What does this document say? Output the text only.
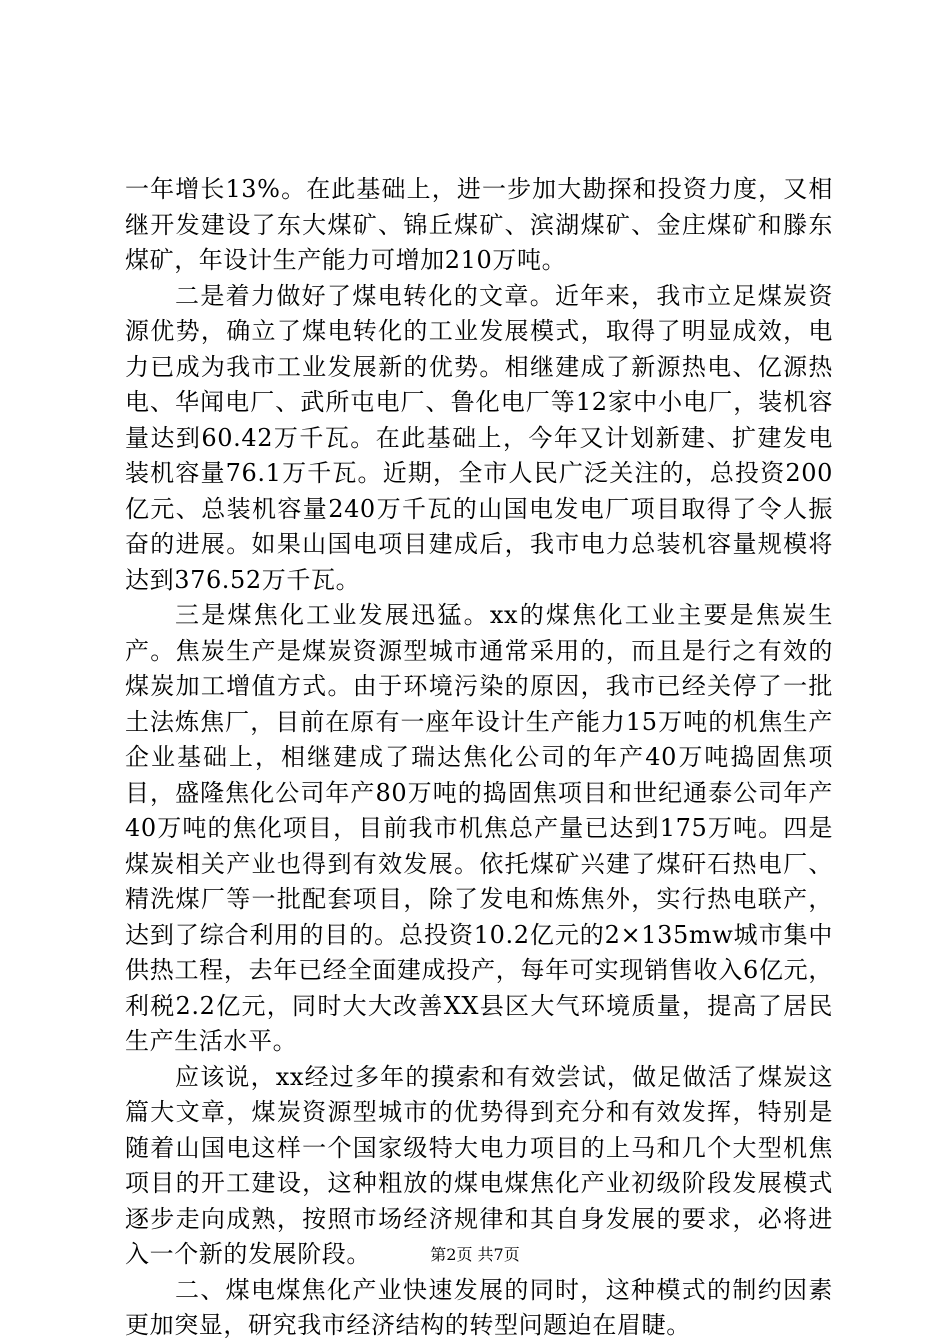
一年增长13%。在此基础上，进一步加大勘探和投资力度，又相继开发建设了东大煤矿、锦丘煤矿、滨湖煤矿、金庄煤矿和滕东煤矿，年设计生产能力可增加210万吨。

二是着力做好了煤电转化的文章。近年来，我市立足煤炭资源优势，确立了煤电转化的工业发展模式，取得了明显成效，电力已成为我市工业发展新的优势。相继建成了新源热电、亿源热电、华闻电厂、武所屯电厂、鲁化电厂等12家中小电厂，装机容量达到60.42万千瓦。在此基础上，今年又计划新建、扩建发电装机容量76.1万千瓦。近期，全市人民广泛关注的，总投资200亿元、总装机容量240万千瓦的山国电发电厂项目取得了令人振奋的进展。如果山国电项目建成后，我市电力总装机容量规模将达到376.52万千瓦。

三是煤焦化工业发展迅猛。xx的煤焦化工业主要是焦炭生产。焦炭生产是煤炭资源型城市通常采用的，而且是行之有效的煤炭加工增值方式。由于环境污染的原因，我市已经关停了一批土法炼焦厂，目前在原有一座年设计生产能力15万吨的机焦生产企业基础上，相继建成了瑞达焦化公司的年产40万吨捣固焦项目，盛隆焦化公司年产80万吨的捣固焦项目和世纪通泰公司年产40万吨的焦化项目，目前我市机焦总产量已达到175万吨。四是煤炭相关产业也得到有效发展。依托煤矿兴建了煤矸石热电厂、精洗煤厂等一批配套项目，除了发电和炼焦外，实行热电联产，达到了综合利用的目的。总投资10.2亿元的2×135mw城市集中供热工程，去年已经全面建成投产，每年可实现销售收入6亿元，利税2.2亿元，同时大大改善XX县区大气环境质量，提高了居民生产生活水平。

应该说，xx经过多年的摸索和有效尝试，做足做活了煤炭这篇大文章，煤炭资源型城市的优势得到充分和有效发挥，特别是随着山国电这样一个国家级特大电力项目的上马和几个大型机焦项目的开工建设，这种粗放的煤电煤焦化产业初级阶段发展模式逐步走向成熟，按照市场经济规律和其自身发展的要求，必将进入一个新的发展阶段。

二、煤电煤焦化产业快速发展的同时，这种模式的制约因素更加突显，研究我市经济结构的转型问题迫在眉睫。

第2页 共7页
